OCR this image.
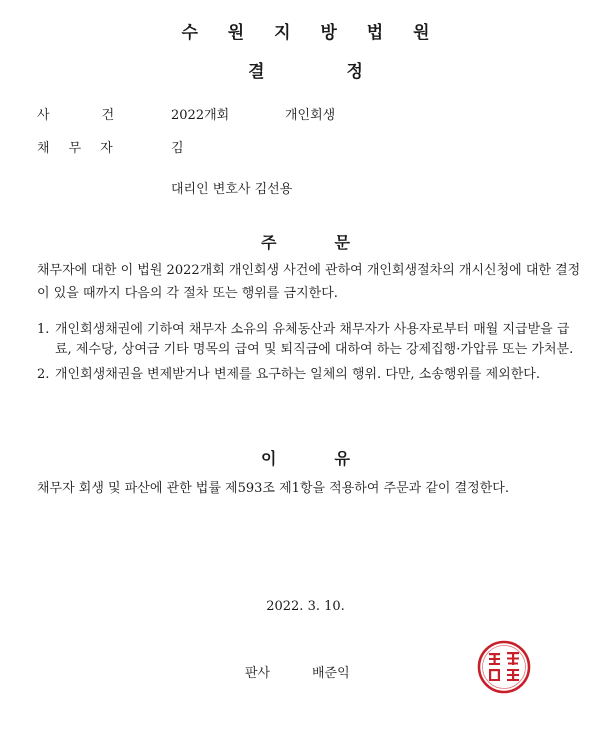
수 원 지 방 법 원
결	정
사	건	2022개회	개인회생
채 무 자	김
대리인 변호사 김선용
주	문
채무자에 대한 이 법원 2022개회 개인회생 사건에 관하여 개인회생절차의 개시신청에 대한 결정이 있을 때까지 다음의 각 절차 또는 행위를 금지한다.
1. 개인회생채권에 기하여 채무자 소유의 유체동산과 채무자가 사용자로부터 매월 지급받을 급료, 제수당, 상여금 기타 명목의 급여 및 퇴직금에 대하여 하는 강제집행·가압류 또는 가처분.
2. 개인회생채권을 변제받거나 변제를 요구하는 일체의 행위. 다만, 소송행위를 제외한다.
이	유
채무자 회생 및 파산에 관한 법률 제593조 제1항을 적용하여 주문과 같이 결정한다.
2022. 3. 10.
판사	배준익
